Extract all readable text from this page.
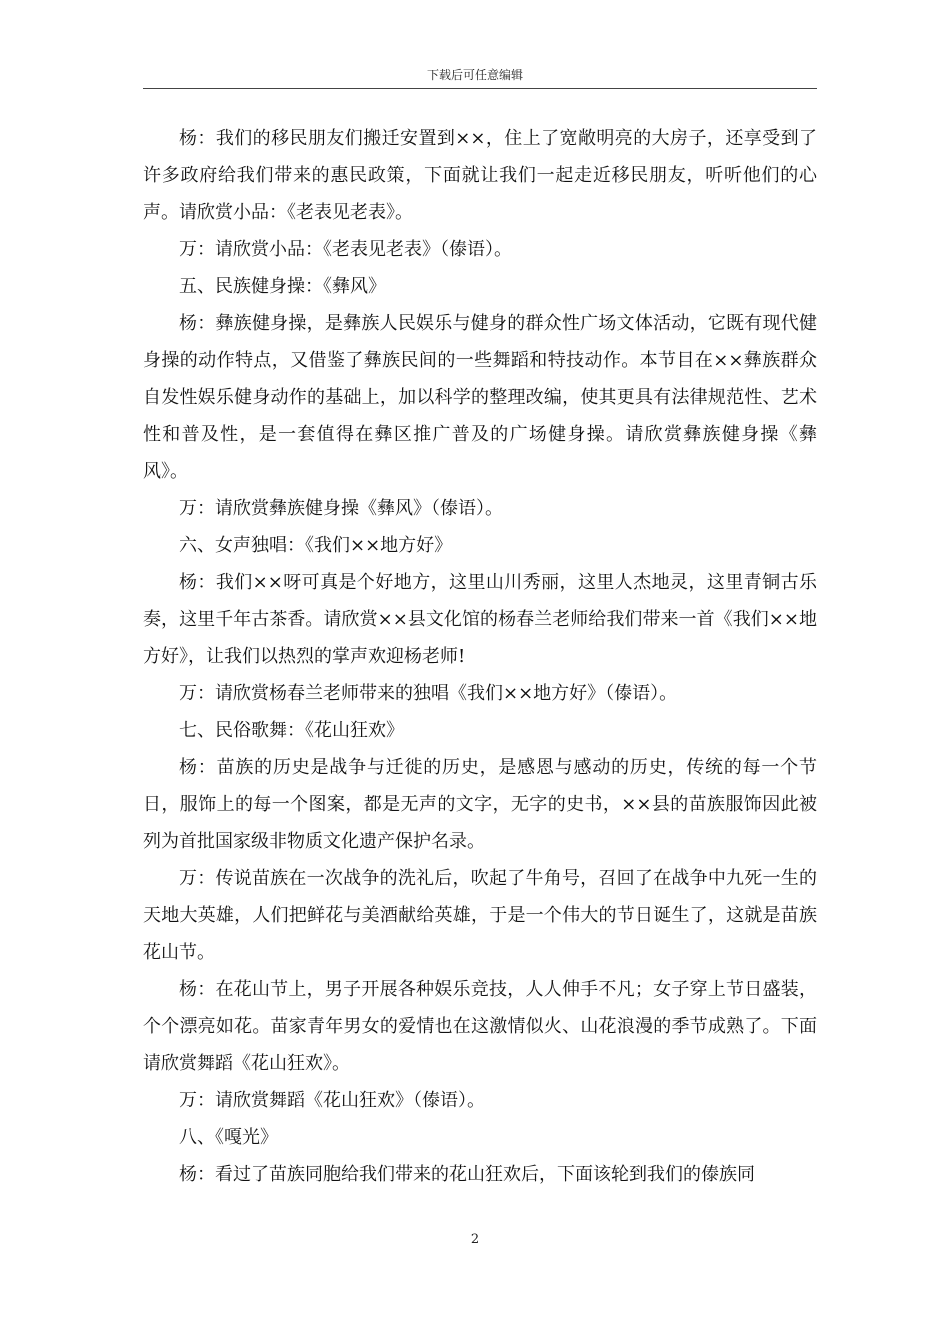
下载后可任意编辑

杨：我们的移民朋友们搬迁安置到××，住上了宽敞明亮的大房子，还享受到了许多政府给我们带来的惠民政策，下面就让我们一起走近移民朋友，听听他们的心声。请欣赏小品：《老表见老表》。

万：请欣赏小品：《老表见老表》（傣语）。

五、民族健身操：《彝风》

杨：彝族健身操，是彝族人民娱乐与健身的群众性广场文体活动，它既有现代健身操的动作特点，又借鉴了彝族民间的一些舞蹈和特技动作。本节目在××彝族群众自发性娱乐健身动作的基础上，加以科学的整理改编，使其更具有法律规范性、艺术性和普及性，是一套值得在彝区推广普及的广场健身操。请欣赏彝族健身操《彝风》。

万：请欣赏彝族健身操《彝风》（傣语）。

六、女声独唱：《我们××地方好》

杨：我们××呀可真是个好地方，这里山川秀丽，这里人杰地灵，这里青铜古乐奏，这里千年古茶香。请欣赏××县文化馆的杨春兰老师给我们带来一首《我们××地方好》，让我们以热烈的掌声欢迎杨老师!

万：请欣赏杨春兰老师带来的独唱《我们××地方好》（傣语）。

七、民俗歌舞：《花山狂欢》

杨：苗族的历史是战争与迁徙的历史，是感恩与感动的历史，传统的每一个节日，服饰上的每一个图案，都是无声的文字，无字的史书，××县的苗族服饰因此被列为首批国家级非物质文化遗产保护名录。

万：传说苗族在一次战争的洗礼后，吹起了牛角号，召回了在战争中九死一生的天地大英雄，人们把鲜花与美酒献给英雄，于是一个伟大的节日诞生了，这就是苗族花山节。

杨：在花山节上，男子开展各种娱乐竞技，人人伸手不凡；女子穿上节日盛装，个个漂亮如花。苗家青年男女的爱情也在这激情似火、山花浪漫的季节成熟了。下面请欣赏舞蹈《花山狂欢》。

万：请欣赏舞蹈《花山狂欢》（傣语）。

八、《嘎光》

杨：看过了苗族同胞给我们带来的花山狂欢后，下面该轮到我们的傣族同

2
